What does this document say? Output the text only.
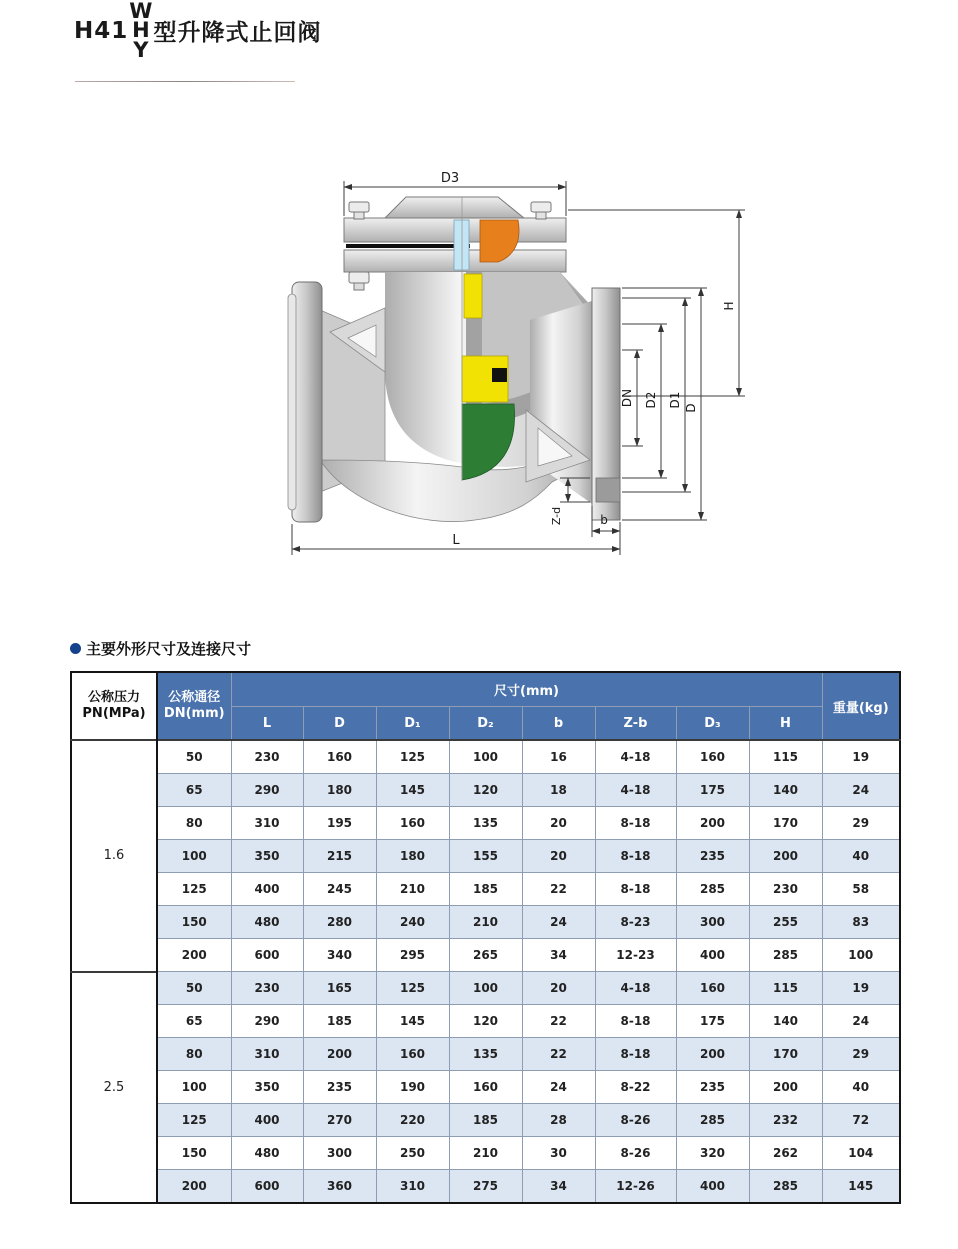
H41
W
H
Y
型升降式止回阀
D3
L
b
Z-d
DN D2 D1 D
H
主要外形尺寸及连接尺寸
公称压力
PN(MPa)	公称通径
DN(mm)	尺寸(mm)								重量(kg)
		L	D	D₁	D₂	b	Z-b	D₃	H	
1.6	50	230	160	125	100	16	4-18	160	115	19
	65	290	180	145	120	18	4-18	175	140	24
	80	310	195	160	135	20	8-18	200	170	29
	100	350	215	180	155	20	8-18	235	200	40
	125	400	245	210	185	22	8-18	285	230	58
	150	480	280	240	210	24	8-23	300	255	83
	200	600	340	295	265	34	12-23	400	285	100
2.5	50	230	165	125	100	20	4-18	160	115	19
	65	290	185	145	120	22	8-18	175	140	24
	80	310	200	160	135	22	8-18	200	170	29
	100	350	235	190	160	24	8-22	235	200	40
	125	400	270	220	185	28	8-26	285	232	72
	150	480	300	250	210	30	8-26	320	262	104
	200	600	360	310	275	34	12-26	400	285	145
